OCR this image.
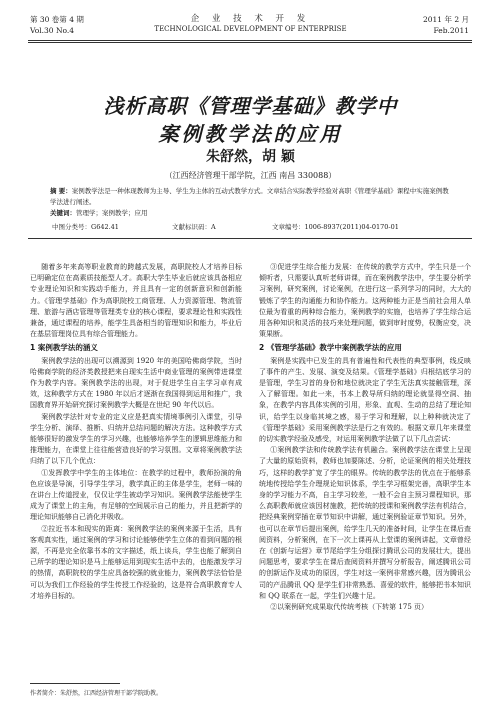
第 30 卷第 4 期
Vol.30 No.4
企 业 技 术 开 发
TECHNOLOGICAL DEVELOPMENT OF ENTERPRISE
2011 年 2 月
Feb.2011
浅析高职《管理学基础》教学中
案例教学法的应用
朱舒然，胡 颖
（江西经济管理干部学院，江西 南昌 330088）
摘 要：案例教学法是一种体现教师为主导、学生为主体的互动式教学方式。文章结合实际教学经验对高职《管理学基础》课程中实施案例教学法进行阐述。
关键词：管理学；案例教学；应用
中图分类号：G642.41	文献标识码：A	文章编号：1006-8937(2011)04-0170-01

随着多年来高等职业教育的跨越式发展，高职院校人才培养目标已明确定位在高素质技能型人才。高职大学生毕业后就应该具备相应专业理论知识和实践动手能力，并且具有一定的创新意识和创新能力。《管理学基础》作为高职院校工商管理、人力资源管理、物流管理、旅游与酒店管理等管理类专业的核心课程，要求理论性和实践性兼备，通过课程的培养，能学生具备相当的管理知识和能力，毕业后在基层管理岗位具有综合管理能力。

1 案例教学法的涵义

案例教学法的出现可以溯源到 1920 年的美国哈佛商学院，当时哈佛商学院的经济类教授把来自现实生活中商业管理的案例带进课堂作为教学内容。案例教学法的出现，对于促进学生自主学习卓有成效，这种教学方式在 1980 年以后才逐渐在我国得到运用和推广，我国教育界开始研究探讨案例教学大概是在世纪 90 年代以后。

案例教学法针对专业的定义应是把真实情境事例引入课堂，引导学生分析、演绎、推断、归纳并总结问题的解决方法。这种教学方式能够很好的激发学生的学习兴趣，也能够培养学生的逻辑思维能力和推理能力，在课堂上往往能营造良好的学习氛围。文章将案例教学法归纳了以下几个优点：

①发挥教学中学生的主体地位：在教学的过程中，教师扮演的角色应该是导演，引导学生学习，教学真正的主体是学生，老师一味的在讲台上传道授业，仅仅让学生被动学习知识。案例教学法能使学生成为了课堂上的主角，有足够的空间展示自己的能力，并且把新学的理论知识能够自己消化并吸收。

②拉近书本和现实的距离：案例教学法的案例来源于生活，具有客观真实性，通过案例的学习和讨论能够使学生立体的看到问题的根源，不再是完全依靠书本的文字描述，纸上谈兵，学生也能了解到自己所学的理论知识是马上能够运用到现实生活中去的，也能激发学习的热情，高职院校的学生应具备较强的就业能力，案例教学法恰恰是可以为我们工作经验的学生传授工作经验的，这是符合高职教育专人才培养目标的。

③促进学生综合能力发展：在传统的教学方式中，学生只是一个倾听者，只需要认真听老师讲课，而在案例教学法中，学生要分析学习案例，研究案例，讨论案例，在进行这一系列学习的同时，大大的锻炼了学生的沟通能力和协作能力。这两种能力正是当前社会用人单位最为看重的两种综合能力，案例教学的实施，也培养了学生综合运用各种知识和灵活的技巧来处理问题，做到审时度势，权衡应变，决策果断。

2 《管理学基础》教学中案例教学法的应用

案例是实践中已发生的具有普遍性和代表性的典型事例，线反映了事件的产生、发展、演变及结果。《管理学基础》归根结底学习的是管理，学生习首的身份和地位就决定了学生无法真实接触管理，深入了解管理。如此一来，书本上教导所归纳的理论就显得空洞、抽象，在教学内容具体实例的引用，形象、直观、生动的总结了理论知识，给学生以身临其境之感，易于学习和理解，以上种种就决定了《管理学基础》采用案例教学法是行之有效的。根据文章几年来课堂的切实教学经验及感受，对运用案例教学法做了以下几点尝试：

①案例教学法和传统教学法有机融合。案例教学法在课堂上呈现了大量的原始资料，教师也加要陈述、分析，论证案例的相关处理技巧，这样的教学扩宽了学生的眼界。传统的教学法的优点在于能够系统地传授给学生介理规论知识体系，学生学习框架完善，高职学生本身的学习能力不高，自主学习较差，一般不会自主预习课程知识，那么高职教师就应该因材施教，把传统的授课和案例教学法有机结合，把经典案例穿插在章节知识中讲解，通过案例验证章节知识。另外，也可以在章节后提出案例，给学生几天的准备时间，让学生在课后查阅资料，分析案例，在下一次上课再从上堂课的案例讲起，文章曾经在《创新与运营》章节尾给学生分组探讨腾讯公司的发展壮大，提出问题思考，要求学生在课后查阅资料并撰写分析报告，阐述腾讯公司的创新运作及成功的原因，学生对这一案例非常感兴趣，因为腾讯公司的产品腾讯 QQ 是学生们非常熟悉、喜爱的软件，能够把书本知识和 QQ 联系在一起，学生们兴趣十足。

②以案例研究成果取代传统考核（下转第 175 页）

作者简介：朱舒然，江西经济管理干部学院助教。
